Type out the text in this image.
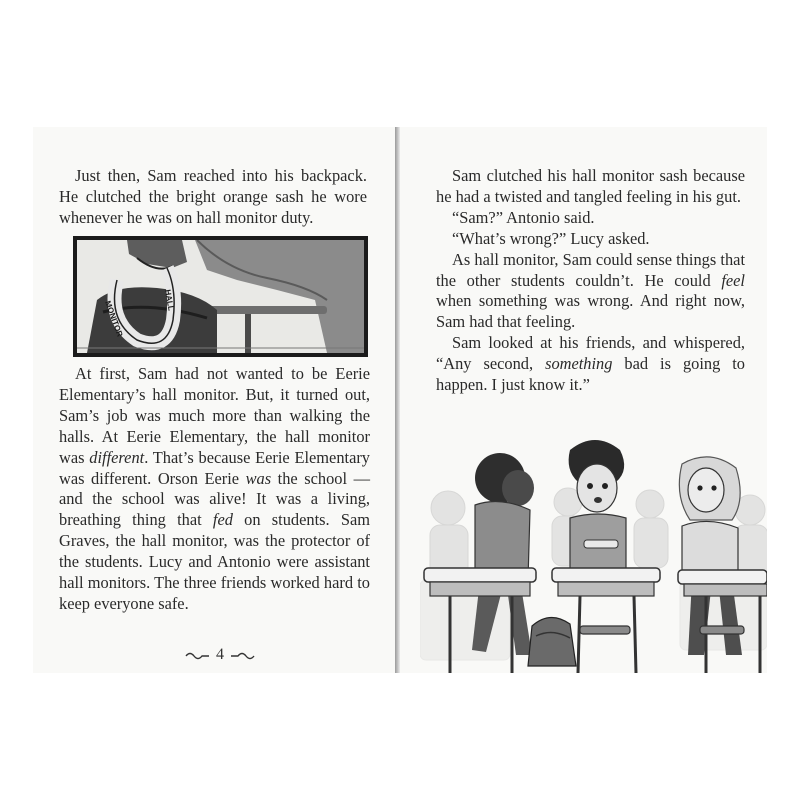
Just then, Sam reached into his backpack. He clutched the bright orange sash he wore whenever he was on hall monitor duty.

MONITOR	HALL

At first, Sam had not wanted to be Eerie Elementary’s hall monitor. But, it turned out, Sam’s job was much more than walking the halls. At Eerie Elementary, the hall monitor was different. That’s because Eerie Elementary was different. Orson Eerie was the school — and the school was alive! It was a living, breathing thing that fed on students. Sam Graves, the hall monitor, was the protector of the students. Lucy and Antonio were assistant hall monitors. The three friends worked hard to keep everyone safe.

4

Sam clutched his hall monitor sash because he had a twisted and tangled feeling in his gut.

“Sam?” Antonio said.

“What’s wrong?” Lucy asked.

As hall monitor, Sam could sense things that the other students couldn’t. He could feel when something was wrong. And right now, Sam had that feeling.

Sam looked at his friends, and whispered, “Any second, something bad is going to happen. I just know it.”
